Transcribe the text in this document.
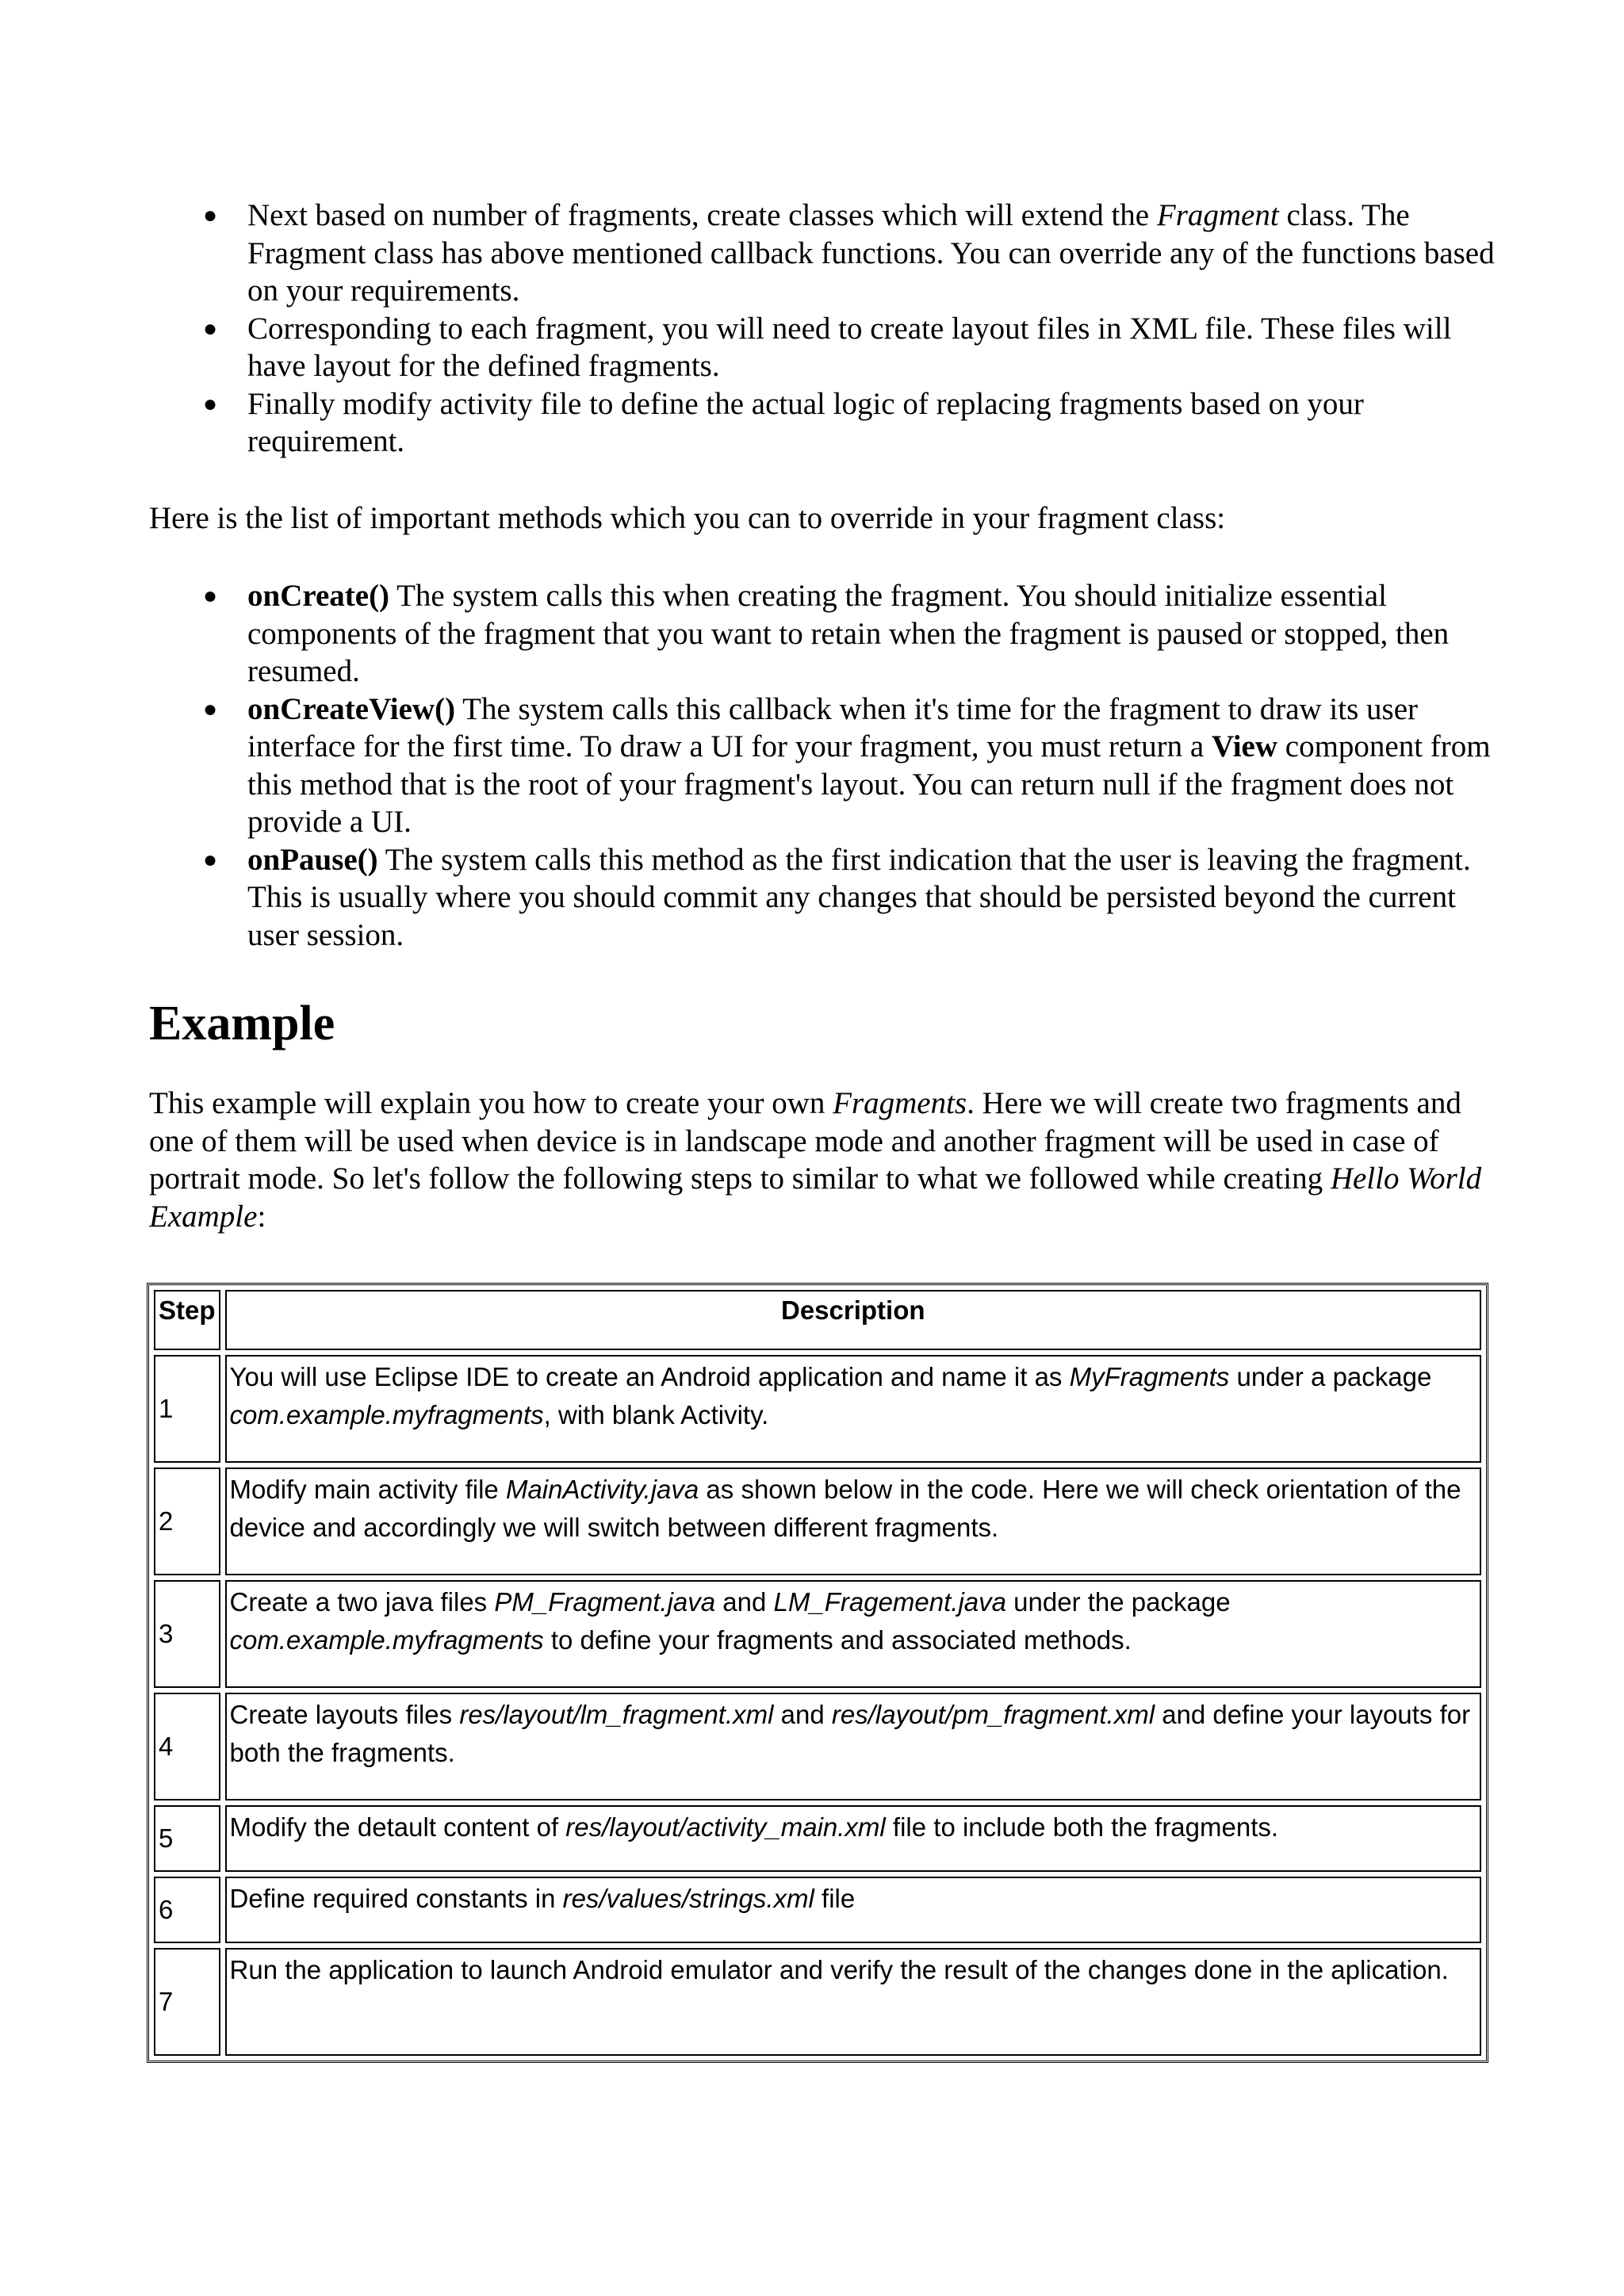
● Next based on number of fragments, create classes which will extend the Fragment class. The Fragment class has above mentioned callback functions. You can override any of the functions based on your requirements.
● Corresponding to each fragment, you will need to create layout files in XML file. These files will have layout for the defined fragments.
● Finally modify activity file to define the actual logic of replacing fragments based on your requirement.

Here is the list of important methods which you can to override in your fragment class:

● onCreate() The system calls this when creating the fragment. You should initialize essential components of the fragment that you want to retain when the fragment is paused or stopped, then resumed.
● onCreateView() The system calls this callback when it's time for the fragment to draw its user interface for the first time. To draw a UI for your fragment, you must return a View component from this method that is the root of your fragment's layout. You can return null if the fragment does not provide a UI.
● onPause() The system calls this method as the first indication that the user is leaving the fragment. This is usually where you should commit any changes that should be persisted beyond the current user session.
Example

This example will explain you how to create your own Fragments. Here we will create two fragments and one of them will be used when device is in landscape mode and another fragment will be used in case of portrait mode. So let's follow the following steps to similar to what we followed while creating Hello World Example:

Step	Description
1	You will use Eclipse IDE to create an Android application and name it as MyFragments under a package com.example.myfragments, with blank Activity.
2	Modify main activity file MainActivity.java as shown below in the code. Here we will check orientation of the device and accordingly we will switch between different fragments.
3	Create a two java files PM_Fragment.java and LM_Fragement.java under the package com.example.myfragments to define your fragments and associated methods.
4	Create layouts files res/layout/lm_fragment.xml and res/layout/pm_fragment.xml and define your layouts for both the fragments.
5	Modify the detault content of res/layout/activity_main.xml file to include both the fragments.
6	Define required constants in res/values/strings.xml file
7	Run the application to launch Android emulator and verify the result of the changes done in the aplication.
